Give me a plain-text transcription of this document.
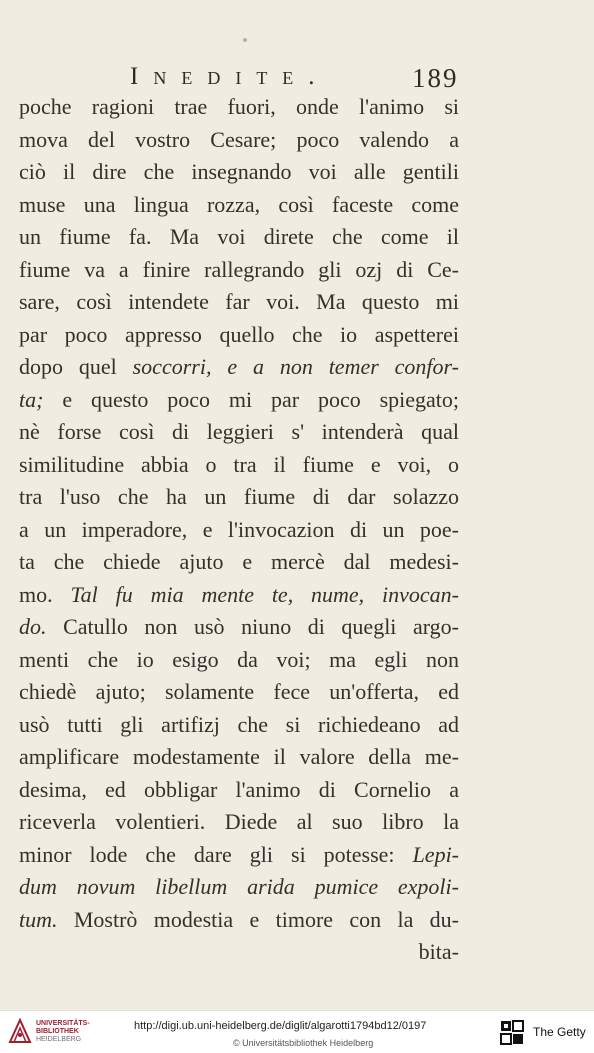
Inedite.	189
poche ragioni trae fuori, onde l'animo si
mova del vostro Cesare; poco valendo a
ciò il dire che insegnando voi alle gentili
muse una lingua rozza, così faceste come
un fiume fa. Ma voi direte che come il
fiume va a finire rallegrando gli ozj di Ce-
sare, così intendete far voi. Ma questo mi
par poco appresso quello che io aspetterei
dopo quel soccorri, e a non temer confor-
ta; e questo poco mi par poco spiegato;
nè forse così di leggieri s' intenderà qual
similitudine abbia o tra il fiume e voi, o
tra l'uso che ha un fiume di dar solazzo
a un imperadore, e l'invocazion di un poe-
ta che chiede ajuto e mercè dal medesi-
mo. Tal fu mia mente te, nume, invocan-
do. Catullo non usò niuno di quegli argo-
menti che io esigo da voi; ma egli non
chiedè ajuto; solamente fece un'offerta, ed
usò tutti gli artifizj che si richiedeano ad
amplificare modestamente il valore della me-
desima, ed obbligar l'animo di Cornelio a
riceverla volentieri. Diede al suo libro la
minor lode che dare gli si potesse: Lepi-
dum novum libellum arida pumice expoli-
tum. Mostrò modestia e timore con la du-
bita-
UNIVERSITÄTS-
BIBLIOTHEK
HEIDELBERG
http://digi.ub.uni-heidelberg.de/diglit/algarotti1794bd12/0197
© Universitätsbibliothek Heidelberg
The Getty
